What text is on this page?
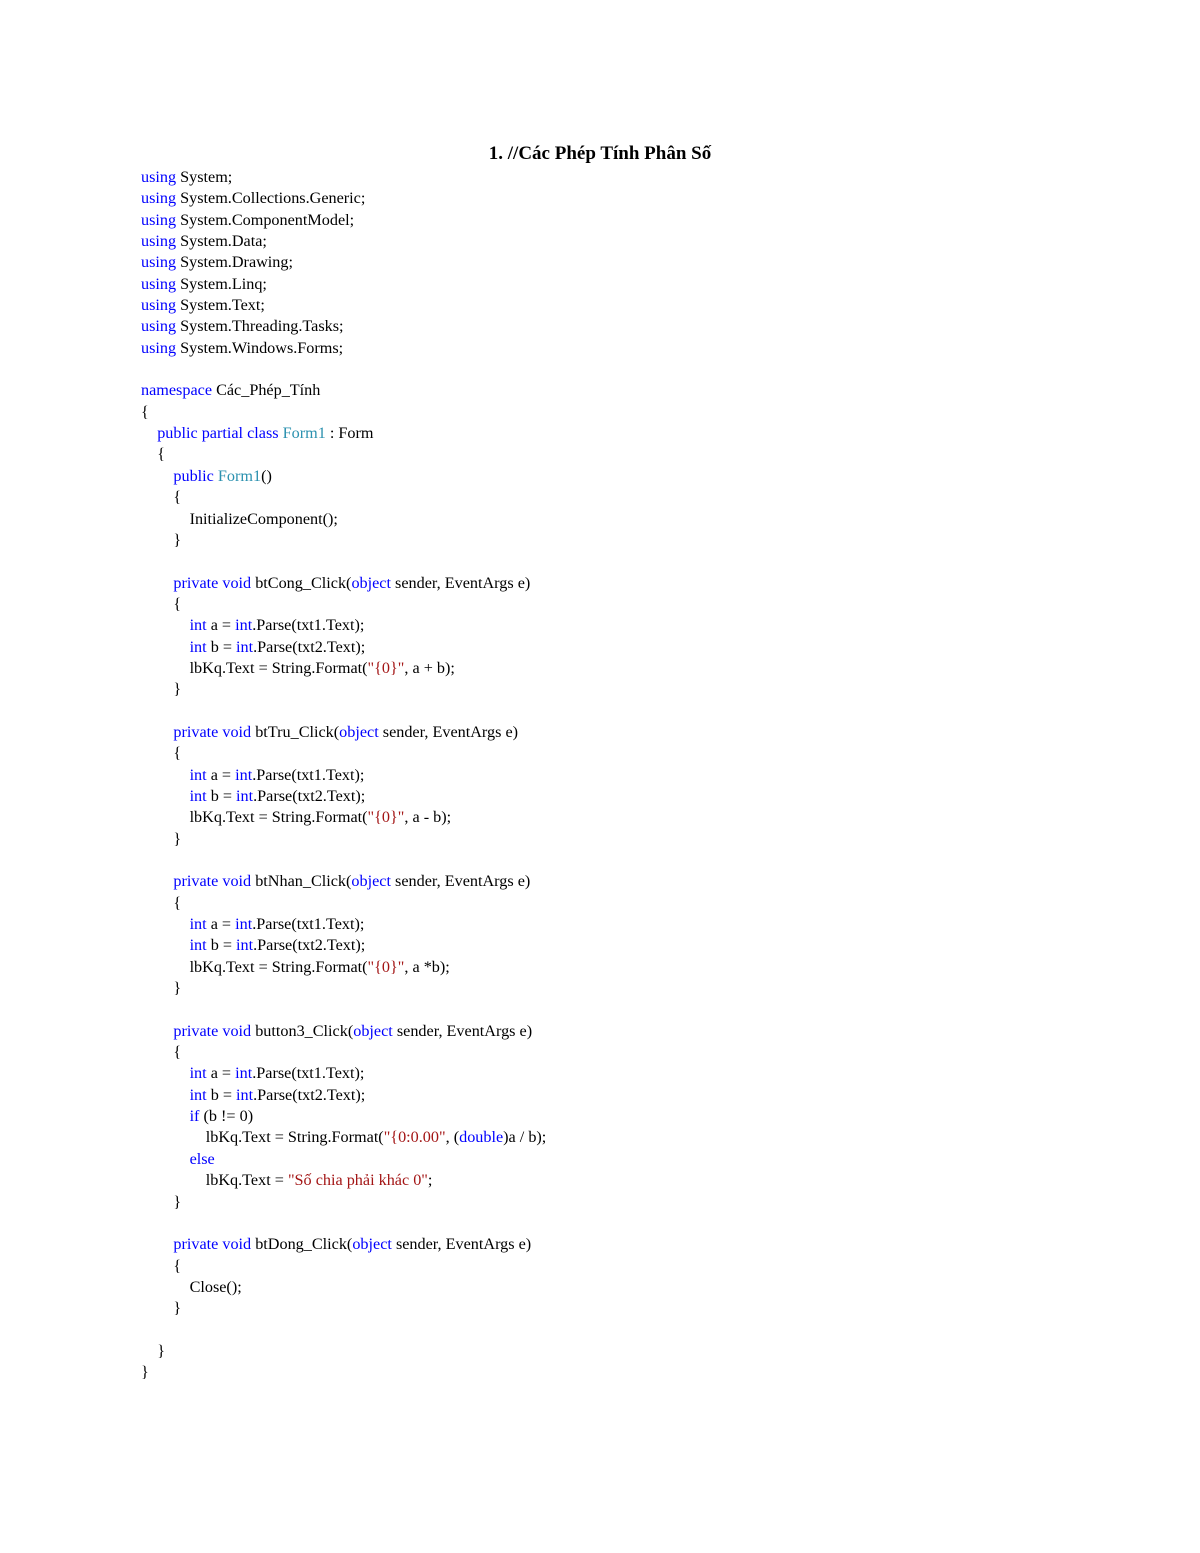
1. //Các Phép Tính Phân Số
using System;
using System.Collections.Generic;
using System.ComponentModel;
using System.Data;
using System.Drawing;
using System.Linq;
using System.Text;
using System.Threading.Tasks;
using System.Windows.Forms;

namespace Các_Phép_Tính
{
public partial class Form1 : Form
{
public Form1()
{
InitializeComponent();
}

private void btCong_Click(object sender, EventArgs e)
{
int a = int.Parse(txt1.Text);
int b = int.Parse(txt2.Text);
lbKq.Text = String.Format("{0}", a + b);
}

private void btTru_Click(object sender, EventArgs e)
{
int a = int.Parse(txt1.Text);
int b = int.Parse(txt2.Text);
lbKq.Text = String.Format("{0}", a - b);
}

private void btNhan_Click(object sender, EventArgs e)
{
int a = int.Parse(txt1.Text);
int b = int.Parse(txt2.Text);
lbKq.Text = String.Format("{0}", a *b);
}

private void button3_Click(object sender, EventArgs e)
{
int a = int.Parse(txt1.Text);
int b = int.Parse(txt2.Text);
if (b != 0)
lbKq.Text = String.Format("{0:0.00", (double)a / b);
else
lbKq.Text = "Số chia phải khác 0";
}

private void btDong_Click(object sender, EventArgs e)
{
Close();
}

}
}
